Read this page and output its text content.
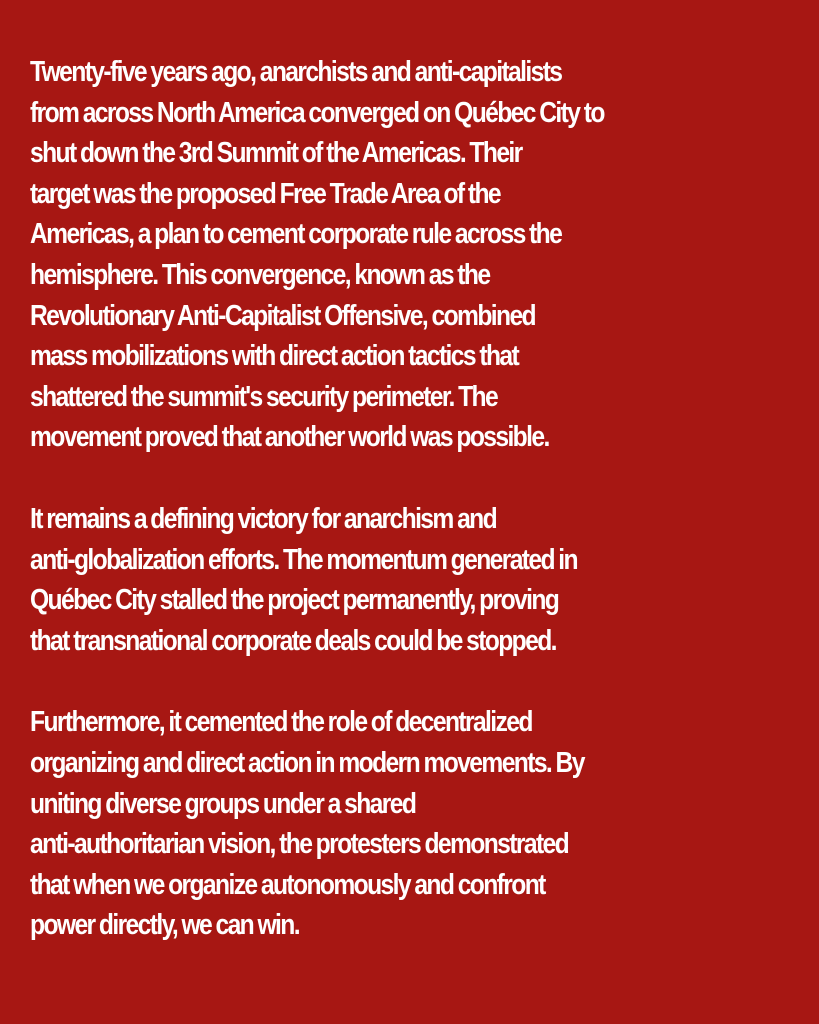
Twenty-five years ago, anarchists and anti-capitalists
from across North America converged on Québec City to
shut down the 3rd Summit of the Americas. Their
target was the proposed Free Trade Area of the
Americas, a plan to cement corporate rule across the
hemisphere. This convergence, known as the
Revolutionary Anti-Capitalist Offensive, combined
mass mobilizations with direct action tactics that
shattered the summit's security perimeter. The
movement proved that another world was possible.

It remains a defining victory for anarchism and
anti-globalization efforts. The momentum generated in
Québec City stalled the project permanently, proving
that transnational corporate deals could be stopped.

Furthermore, it cemented the role of decentralized
organizing and direct action in modern movements. By
uniting diverse groups under a shared
anti-authoritarian vision, the protesters demonstrated
that when we organize autonomously and confront
power directly, we can win.
